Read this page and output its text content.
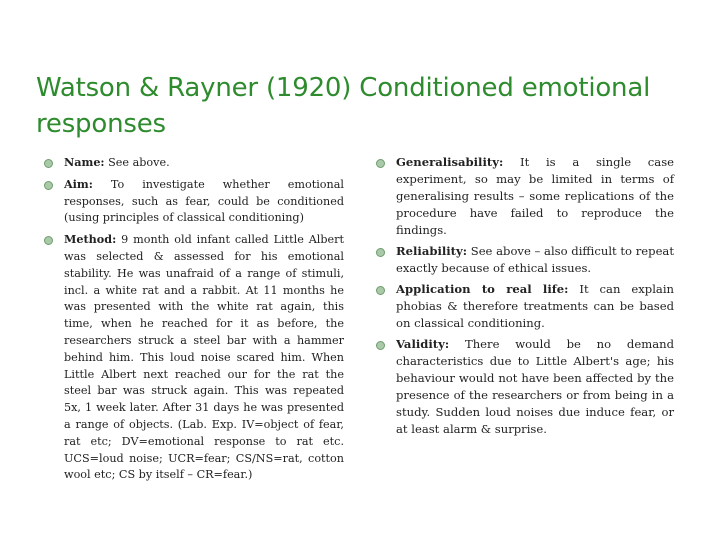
Watson & Rayner (1920) Conditioned emotional responses
Name: See above.
Aim: To investigate whether emotional responses, such as fear, could be conditioned (using principles of classical conditioning)
Method: 9 month old infant called Little Albert was selected & assessed for his emotional stability. He was unafraid of a range of stimuli, incl. a white rat and a rabbit. At 11 months he was presented with the white rat again, this time, when he reached for it as before, the researchers struck a steel bar with a hammer behind him. This loud noise scared him. When Little Albert next reached our for the rat the steel bar was struck again. This was repeated 5x, 1 week later. After 31 days he was presented a range of objects. (Lab. Exp. IV=object of fear, rat etc; DV=emotional response to rat etc. UCS=loud noise; UCR=fear; CS/NS=rat, cotton wool etc; CS by itself – CR=fear.)
Generalisability: It is a single case experiment, so may be limited in terms of generalising results – some replications of the procedure have failed to reproduce the findings.
Reliability: See above – also difficult to repeat exactly because of ethical issues.
Application to real life: It can explain phobias & therefore treatments can be based on classical conditioning.
Validity: There would be no demand characteristics due to Little Albert's age; his behaviour would not have been affected by the presence of the researchers or from being in a study. Sudden loud noises due induce fear, or at least alarm & surprise.
